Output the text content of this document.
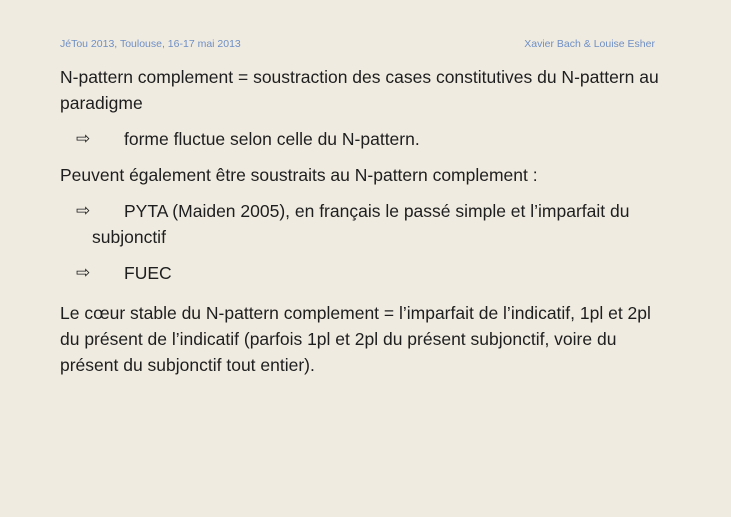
JéTou 2013, Toulouse, 16-17 mai 2013	Xavier Bach & Louise Esher

N-pattern complement = soustraction des cases constitutives du N-pattern au paradigme

⇨	forme fluctue selon celle du N-pattern.

Peuvent également être soustraits au N-pattern complement :

⇨	PYTA (Maiden 2005), en français le passé simple et l’imparfait du subjonctif
⇨	FUEC

Le cœur stable du N-pattern complement = l’imparfait de l’indicatif, 1pl et 2pl du présent de l’indicatif (parfois 1pl et 2pl du présent subjonctif, voire du présent du subjonctif tout entier).
